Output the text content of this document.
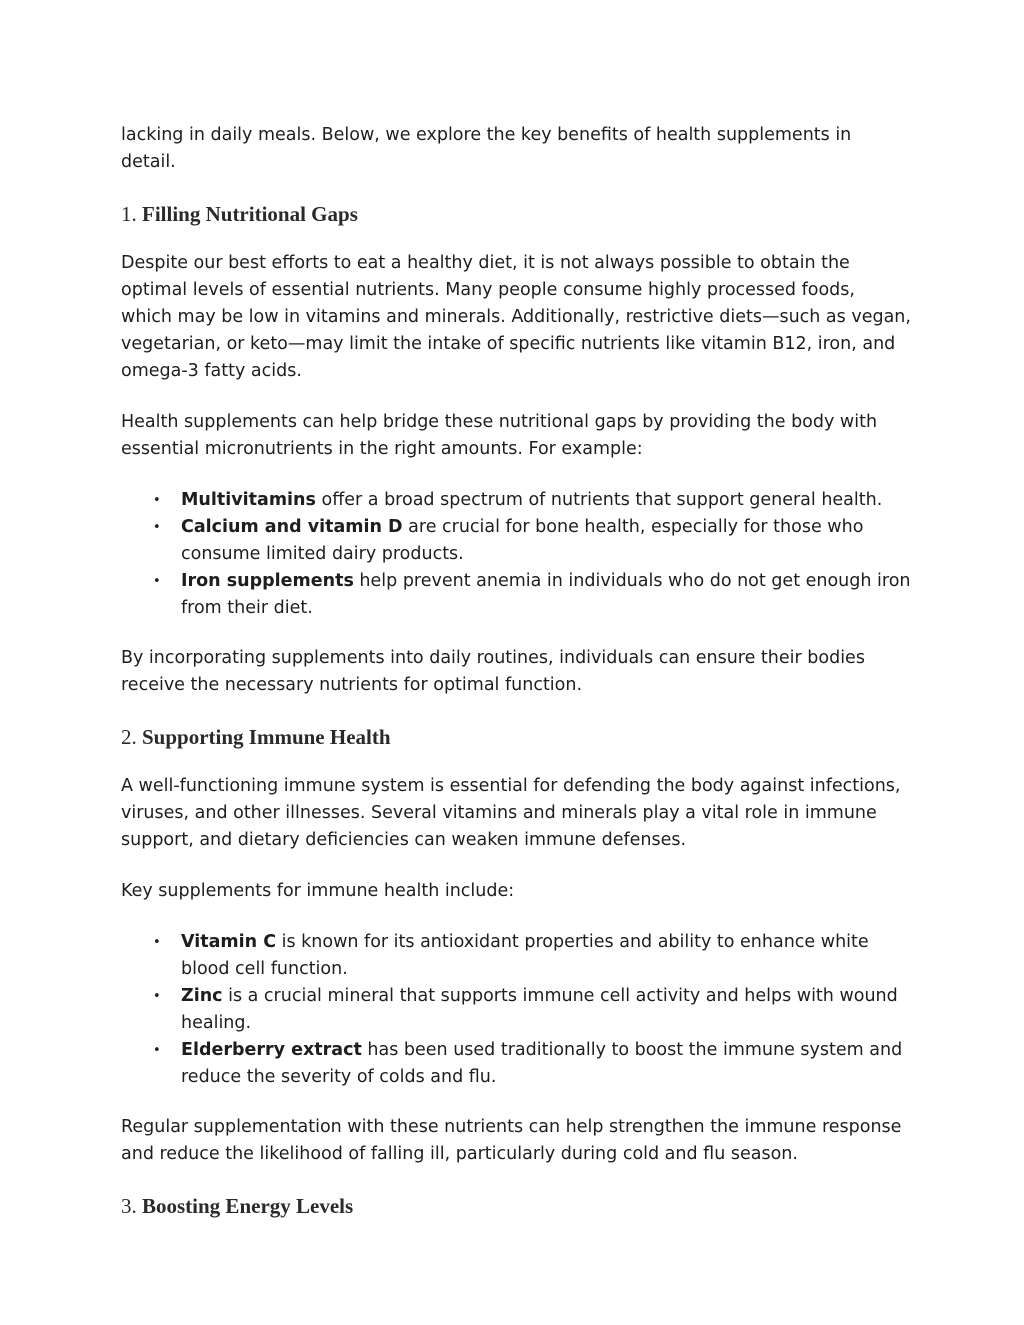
lacking in daily meals. Below, we explore the key benefits of health supplements in detail.

1. Filling Nutritional Gaps

Despite our best efforts to eat a healthy diet, it is not always possible to obtain the optimal levels of essential nutrients. Many people consume highly processed foods, which may be low in vitamins and minerals. Additionally, restrictive diets—such as vegan, vegetarian, or keto—may limit the intake of specific nutrients like vitamin B12, iron, and omega-3 fatty acids.

Health supplements can help bridge these nutritional gaps by providing the body with essential micronutrients in the right amounts. For example:

• Multivitamins offer a broad spectrum of nutrients that support general health.
• Calcium and vitamin D are crucial for bone health, especially for those who consume limited dairy products.
• Iron supplements help prevent anemia in individuals who do not get enough iron from their diet.

By incorporating supplements into daily routines, individuals can ensure their bodies receive the necessary nutrients for optimal function.

2. Supporting Immune Health

A well-functioning immune system is essential for defending the body against infections, viruses, and other illnesses. Several vitamins and minerals play a vital role in immune support, and dietary deficiencies can weaken immune defenses.

Key supplements for immune health include:

• Vitamin C is known for its antioxidant properties and ability to enhance white blood cell function.
• Zinc is a crucial mineral that supports immune cell activity and helps with wound healing.
• Elderberry extract has been used traditionally to boost the immune system and reduce the severity of colds and flu.

Regular supplementation with these nutrients can help strengthen the immune response and reduce the likelihood of falling ill, particularly during cold and flu season.

3. Boosting Energy Levels
